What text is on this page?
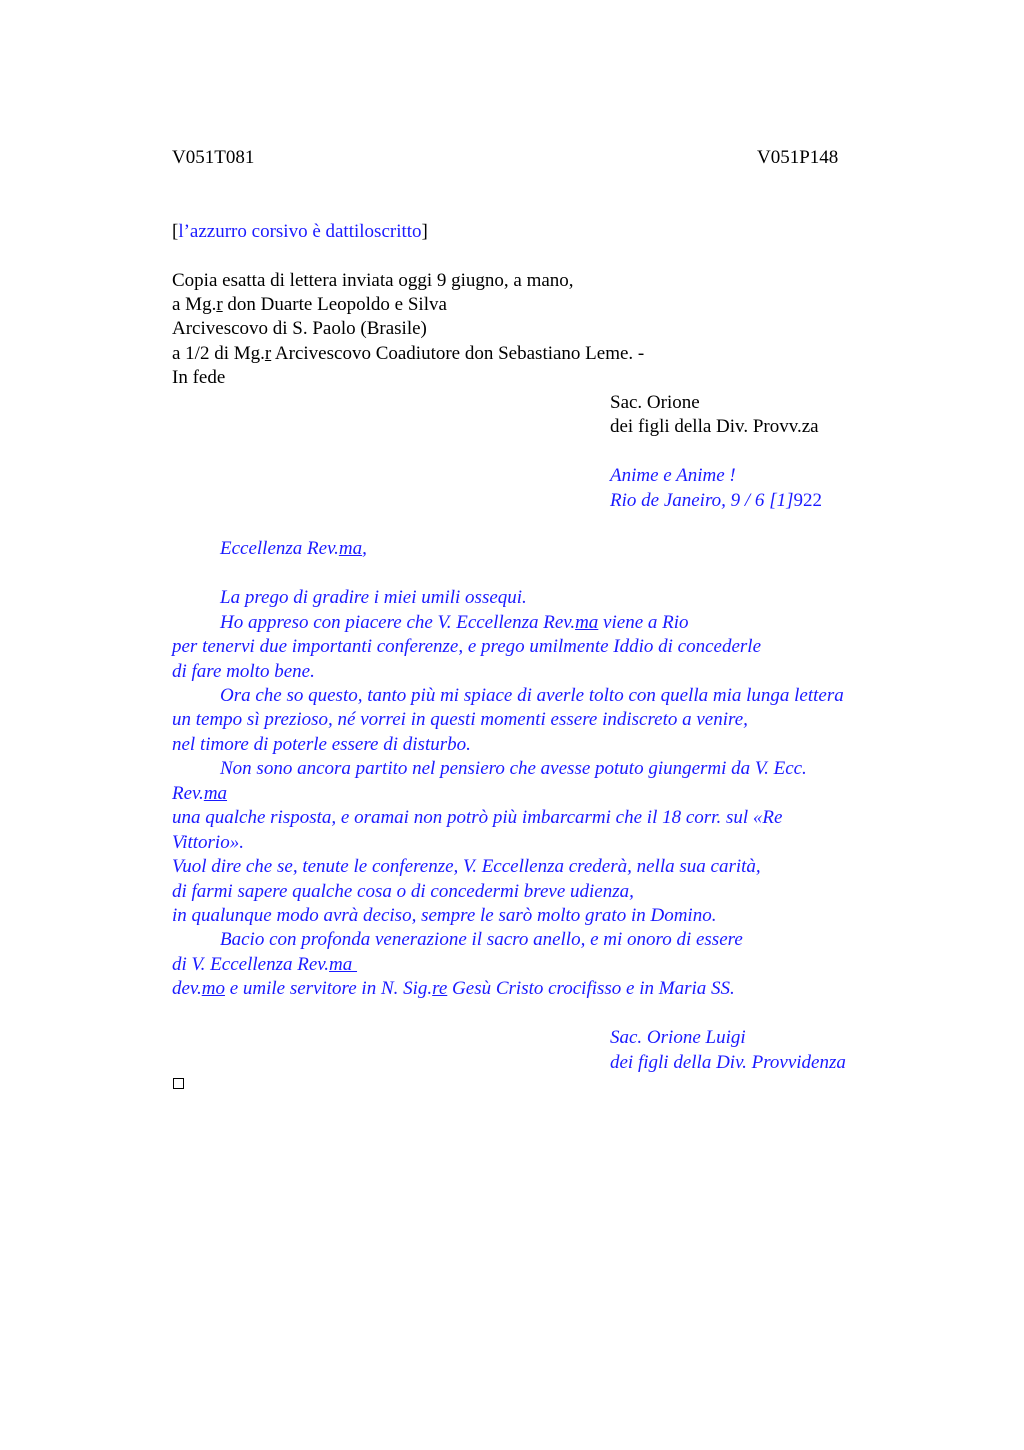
V051T081	V051P148
[l’azzurro corsivo è dattiloscritto]
Copia esatta di lettera inviata oggi 9 giugno, a mano,
a Mg.r don Duarte Leopoldo e Silva
Arcivescovo di S. Paolo (Brasile)
a 1/2 di Mg.r Arcivescovo Coadiutore don Sebastiano Leme. -
In fede
Sac. Orione
dei figli della Div. Provv.za
Anime e Anime !
Rio de Janeiro, 9 / 6 [1]922
Eccellenza Rev.ma,
La prego di gradire i miei umili ossequi.
Ho appreso con piacere che V. Eccellenza Rev.ma viene a Rio
per tenervi due importanti conferenze, e prego umilmente Iddio di concederle
di fare molto bene.
Ora che so questo, tanto più mi spiace di averle tolto con quella mia lunga lettera
un tempo sì prezioso, né vorrei in questi momenti essere indiscreto a venire,
nel timore di poterle essere di disturbo.
Non sono ancora partito nel pensiero che avesse potuto giungermi da V. Ecc.
Rev.ma
una qualche risposta, e oramai non potrò più imbarcarmi che il 18 corr. sul «Re
Vittorio».
Vuol dire che se, tenute le conferenze, V. Eccellenza crederà, nella sua carità,
di farmi sapere qualche cosa o di concedermi breve udienza,
in qualunque modo avrà deciso, sempre le sarò molto grato in Domino.
Bacio con profonda venerazione il sacro anello, e mi onoro di essere
di V. Eccellenza Rev.ma
dev.mo e umile servitore in N. Sig.re Gesù Cristo crocifisso e in Maria SS.
Sac. Orione Luigi
dei figli della Div. Provvidenza
